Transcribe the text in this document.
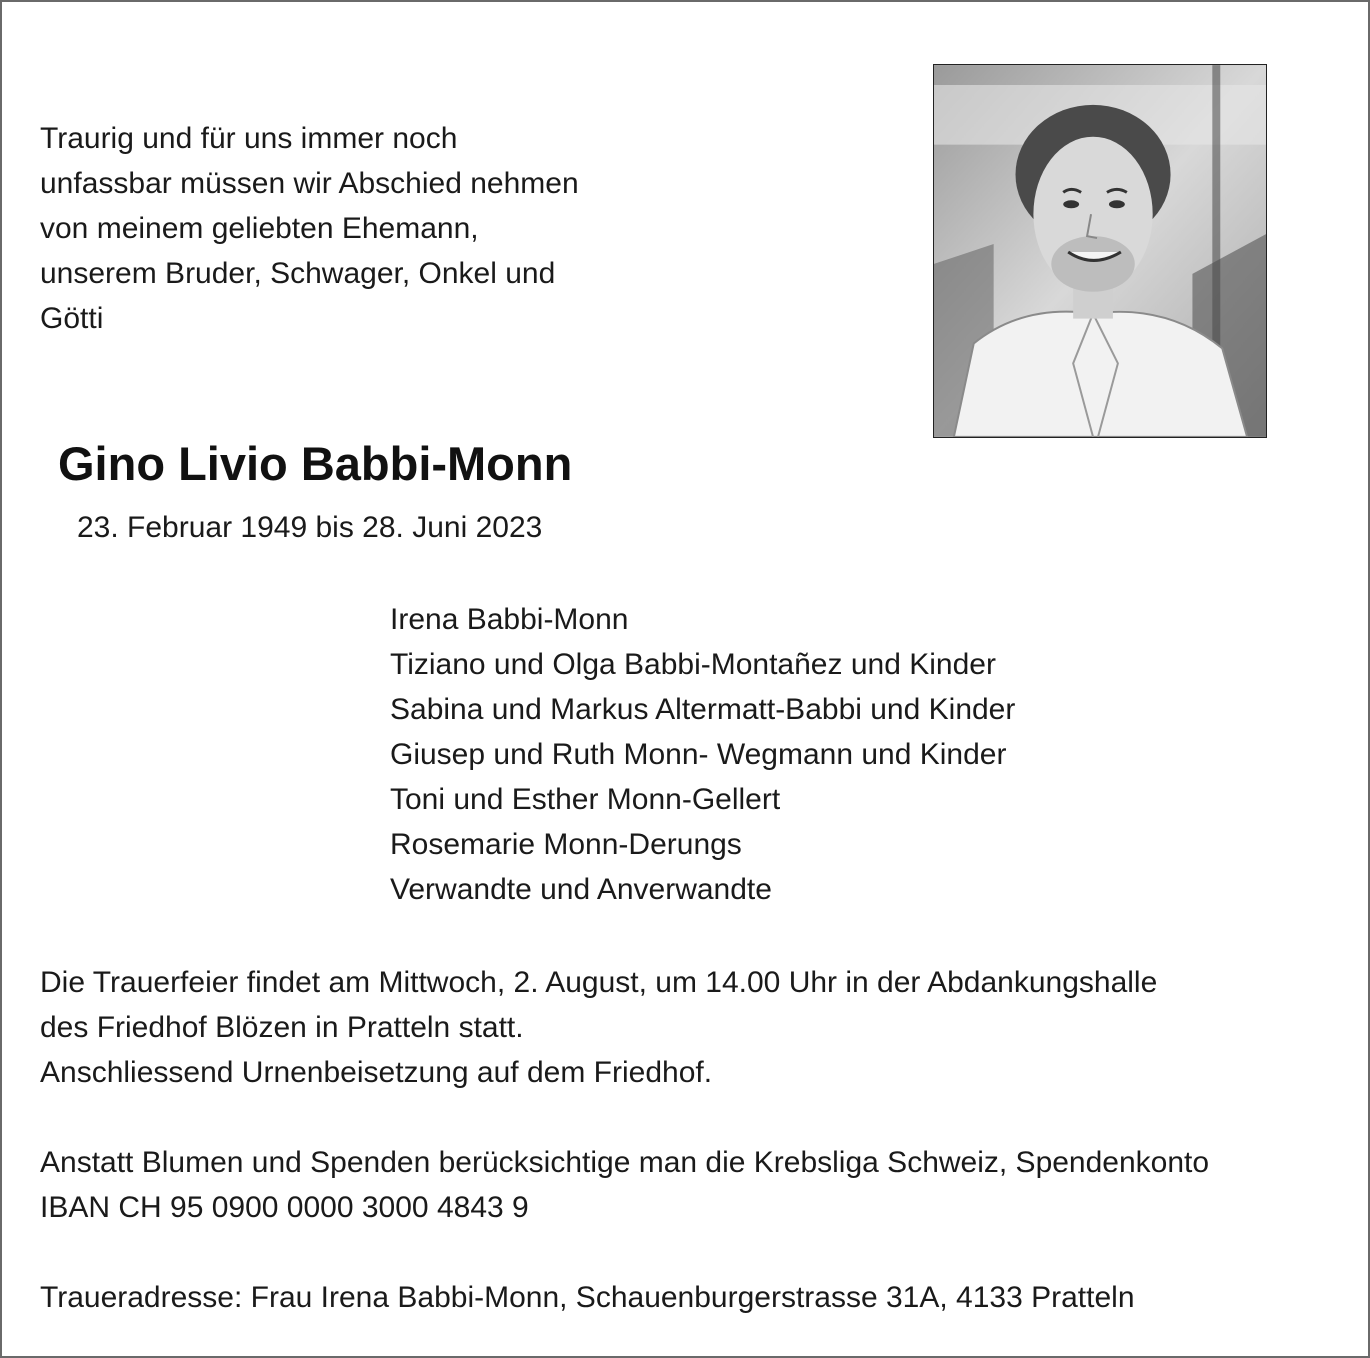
Traurig und für uns immer noch
unfassbar müssen wir Abschied nehmen
von meinem geliebten Ehemann,
unserem Bruder, Schwager, Onkel und
Götti
Gino Livio Babbi-Monn
23. Februar 1949 bis 28. Juni 2023
Irena Babbi-Monn
Tiziano und Olga Babbi-Montañez und Kinder
Sabina und Markus Altermatt-Babbi und Kinder
Giusep und Ruth Monn- Wegmann und Kinder
Toni und Esther Monn-Gellert
Rosemarie Monn-Derungs
Verwandte und Anverwandte
Die Trauerfeier findet am Mittwoch, 2. August, um 14.00 Uhr in der Abdankungshalle
des Friedhof Blözen in Pratteln statt.
Anschliessend Urnenbeisetzung auf dem Friedhof.
Anstatt Blumen und Spenden berücksichtige man die Krebsliga Schweiz, Spendenkonto
IBAN CH 95 0900 0000 3000 4843 9
Traueradresse: Frau Irena Babbi-Monn, Schauenburgerstrasse 31A, 4133 Pratteln
